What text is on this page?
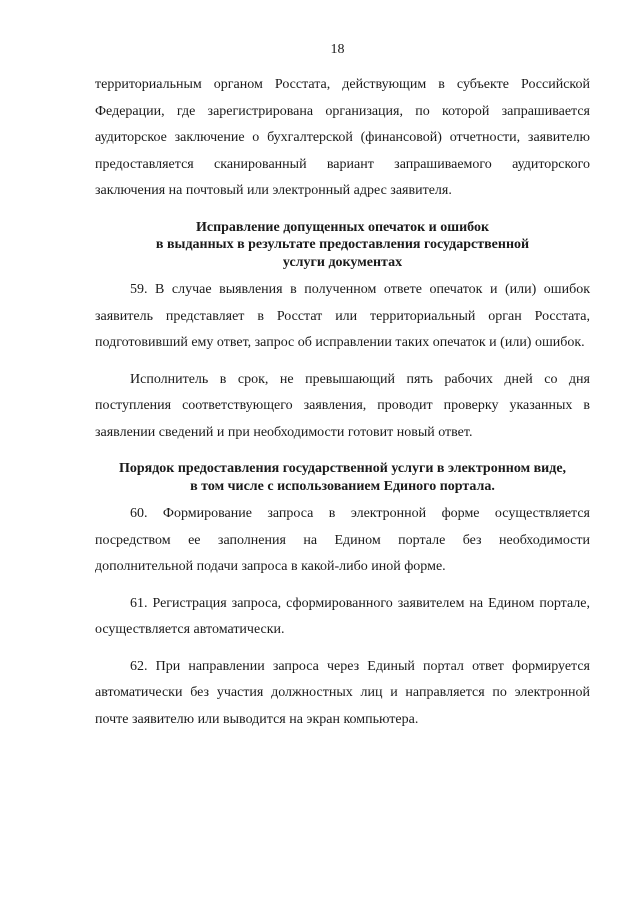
18

территориальным органом Росстата, действующим в субъекте Российской Федерации, где зарегистрирована организация, по которой запрашивается аудиторское заключение о бухгалтерской (финансовой) отчетности, заявителю предоставляется сканированный вариант запрашиваемого аудиторского заключения на почтовый или электронный адрес заявителя.

Исправление допущенных опечаток и ошибок
в выданных в результате предоставления государственной
услуги документах

59. В случае выявления в полученном ответе опечаток и (или) ошибок заявитель представляет в Росстат или территориальный орган Росстата, подготовивший ему ответ, запрос об исправлении таких опечаток и (или) ошибок.

Исполнитель в срок, не превышающий пять рабочих дней со дня поступления соответствующего заявления, проводит проверку указанных в заявлении сведений и при необходимости готовит новый ответ.

Порядок предоставления государственной услуги в электронном виде,
в том числе с использованием Единого портала.

60. Формирование запроса в электронной форме осуществляется посредством ее заполнения на Едином портале без необходимости дополнительной подачи запроса в какой-либо иной форме.

61. Регистрация запроса, сформированного заявителем на Едином портале, осуществляется автоматически.

62. При направлении запроса через Единый портал ответ формируется автоматически без участия должностных лиц и направляется по электронной почте заявителю или выводится на экран компьютера.
